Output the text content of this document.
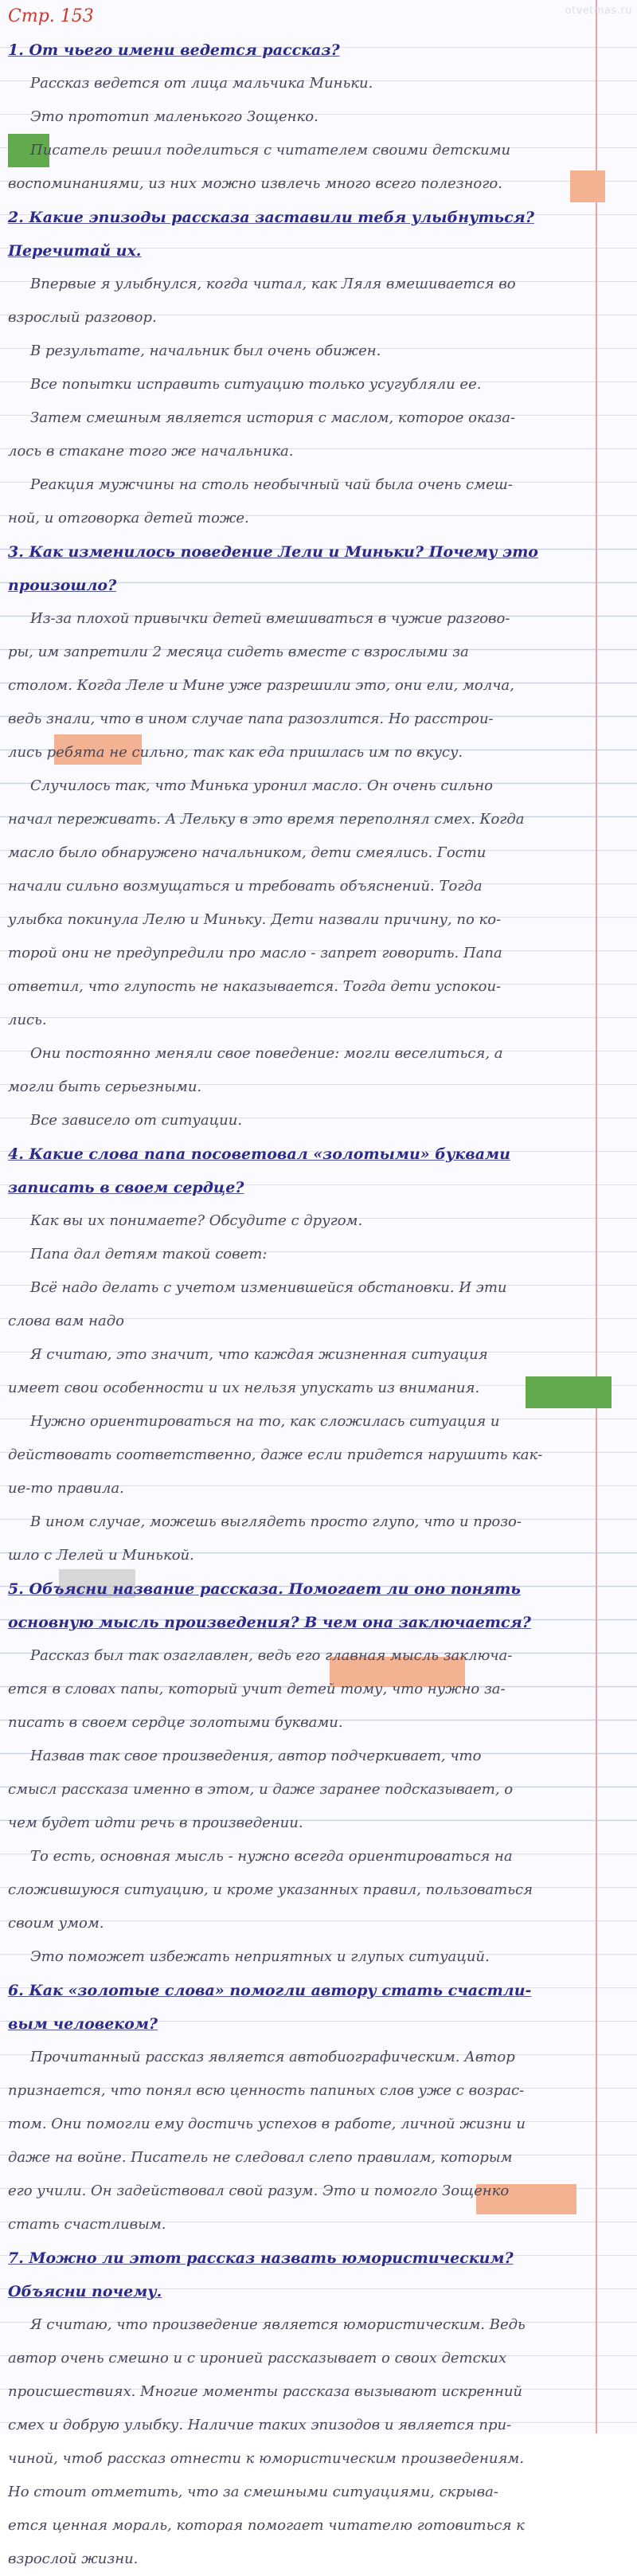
otvetmas.ru
Стр. 153
1. От чьего имени ведется рассказ?
Рассказ ведется от лица мальчика Миньки.
Это прототип маленького Зощенко.
Писатель решил поделиться с читателем своими детскими
воспоминаниями, из них можно извлечь много всего полезного.
2. Какие эпизоды рассказа заставили тебя улыбнуться?
Перечитай их.
Впервые я улыбнулся, когда читал, как Ляля вмешивается во
взрослый разговор.
В результате, начальник был очень обижен.
Все попытки исправить ситуацию только усугубляли ее.
Затем смешным является история с маслом, которое оказа-
лось в стакане того же начальника.
Реакция мужчины на столь необычный чай была очень смеш-
ной, и отговорка детей тоже.
3. Как изменилось поведение Лели и Миньки? Почему это
произошло?
Из-за плохой привычки детей вмешиваться в чужие разгово-
ры, им запретили 2 месяца сидеть вместе с взрослыми за
столом. Когда Леле и Мине уже разрешили это, они ели, молча,
ведь знали, что в ином случае папа разозлится. Но расстрои-
лись ребята не сильно, так как еда пришлась им по вкусу.
Случилось так, что Минька уронил масло. Он очень сильно
начал переживать. А Лельку в это время переполнял смех. Когда
масло было обнаружено начальником, дети смеялись. Гости
начали сильно возмущаться и требовать объяснений. Тогда
улыбка покинула Лелю и Миньку. Дети назвали причину, по ко-
торой они не предупредили про масло - запрет говорить. Папа
ответил, что глупость не наказывается. Тогда дети успокои-
лись.
Они постоянно меняли свое поведение: могли веселиться, а
могли быть серьезными.
Все зависело от ситуации.
4. Какие слова папа посоветовал «золотыми» буквами
записать в своем сердце?
Как вы их понимаете? Обсудите с другом.
Папа дал детям такой совет:
Всё надо делать с учетом изменившейся обстановки. И эти
слова вам надо
Я считаю, это значит, что каждая жизненная ситуация
имеет свои особенности и их нельзя упускать из внимания.
Нужно ориентироваться на то, как сложилась ситуация и
действовать соответственно, даже если придется нарушить как-
ие-то правила.
В ином случае, можешь выглядеть просто глупо, что и прозо-
шло с Лелей и Минькой.
5. Объясни название рассказа. Помогает ли оно понять
основную мысль произведения? В чем она заключается?
Рассказ был так озаглавлен, ведь его главная мысль заключа-
ется в словах папы, который учит детей тому, что нужно за-
писать в своем сердце золотыми буквами.
Назвав так свое произведения, автор подчеркивает, что
смысл рассказа именно в этом, и даже заранее подсказывает, о
чем будет идти речь в произведении.
То есть, основная мысль - нужно всегда ориентироваться на
сложившуюся ситуацию, и кроме указанных правил, пользоваться
своим умом.
Это поможет избежать неприятных и глупых ситуаций.
6. Как «золотые слова» помогли автору стать счастли-
вым человеком?
Прочитанный рассказ является автобиографическим. Автор
признается, что понял всю ценность папиных слов уже с возрас-
том. Они помогли ему достичь успехов в работе, личной жизни и
даже на войне. Писатель не следовал слепо правилам, которым
его учили. Он задействовал свой разум. Это и помогло Зощенко
стать счастливым.
7. Можно ли этот рассказ назвать юмористическим?
Объясни почему.
Я считаю, что произведение является юмористическим. Ведь
автор очень смешно и с иронией рассказывает о своих детских
происшествиях. Многие моменты рассказа вызывают искренний
смех и добрую улыбку. Наличие таких эпизодов и является при-
чиной, чтоб рассказ отнести к юмористическим произведениям.
Но стоит отметить, что за смешными ситуациями, скрыва-
ется ценная мораль, которая помогает читателю готовиться к
взрослой жизни.
